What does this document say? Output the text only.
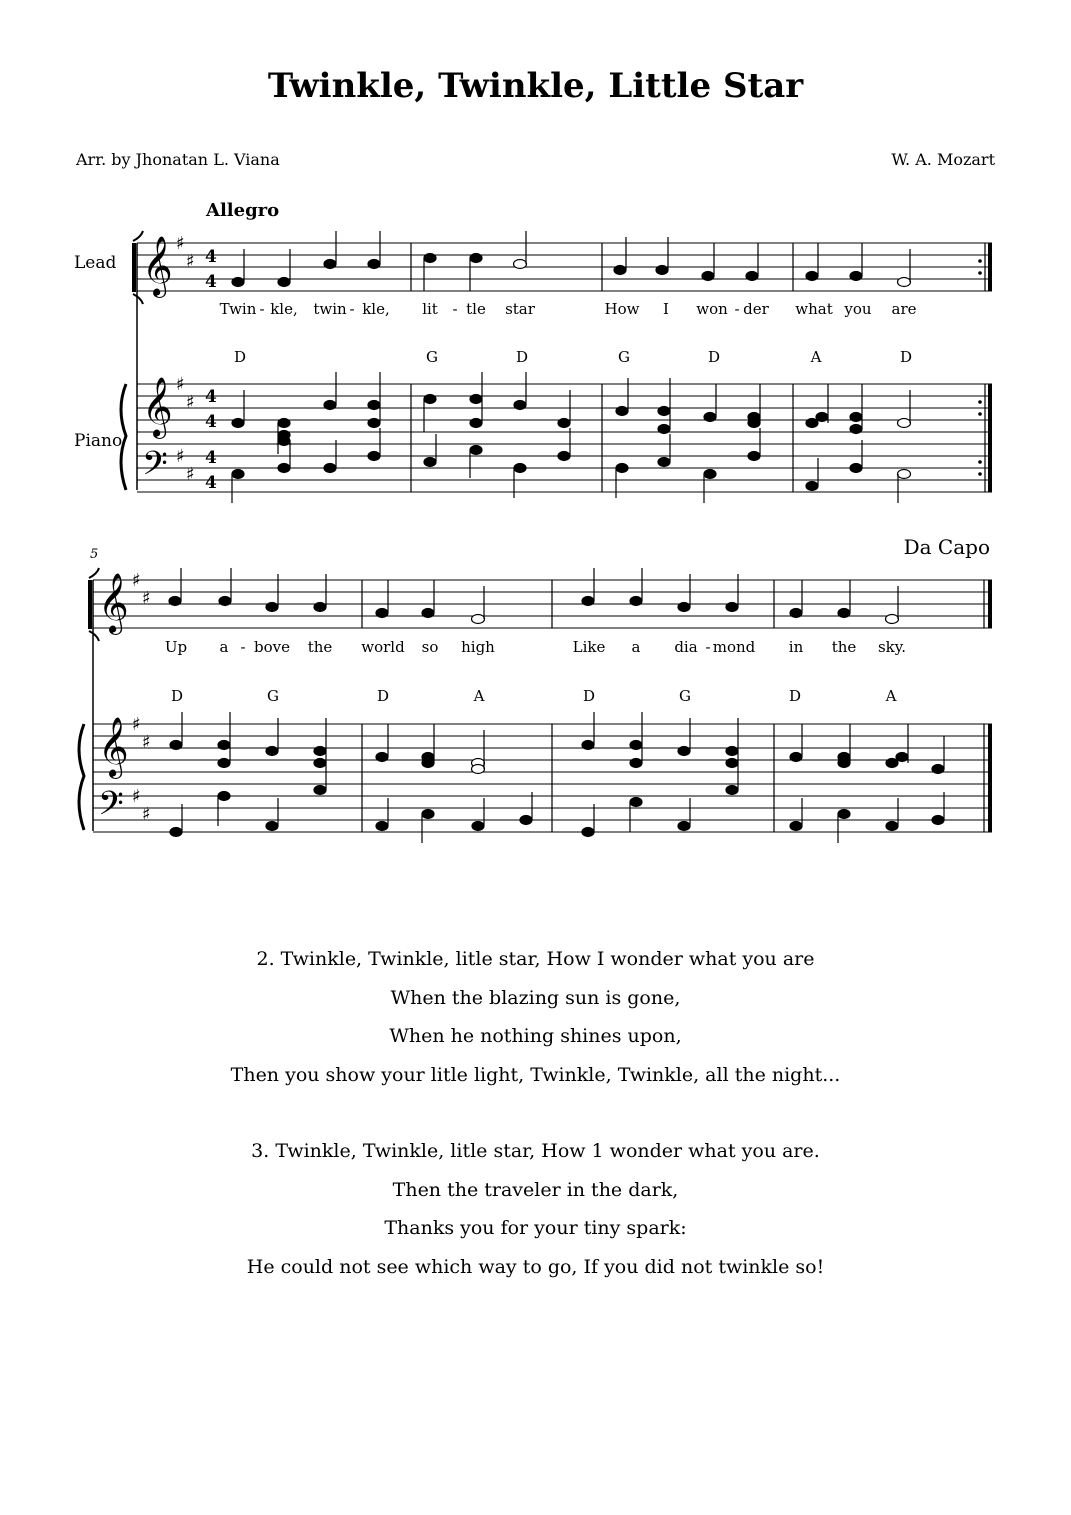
Twinkle, Twinkle, Little Star
Arr. by Jhonatan L. Viana	W. A. Mozart
Allegro
Lead
Piano
𝄞
𝄞
𝄢
♯
♯
♯
♯
♯
♯
4
4
4
4
4
4
Twin - kle, twin - kle, lit - tle star	How I won - der what you are
D	G	D	G	D	A	D
5	Da Capo
𝄞
𝄞
𝄢
♯
♯
♯
♯
♯
♯
Up a - bove the world so high	Like a dia - mond in the sky.
D	G	D	A	D	G	D	A
2. Twinkle, Twinkle, litle star, How I wonder what you are
When the blazing sun is gone,
When he nothing shines upon,
Then you show your litle light, Twinkle, Twinkle, all the night...
3. Twinkle, Twinkle, litle star, How 1 wonder what you are.
Then the traveler in the dark,
Thanks you for your tiny spark:
He could not see which way to go, If you did not twinkle so!
